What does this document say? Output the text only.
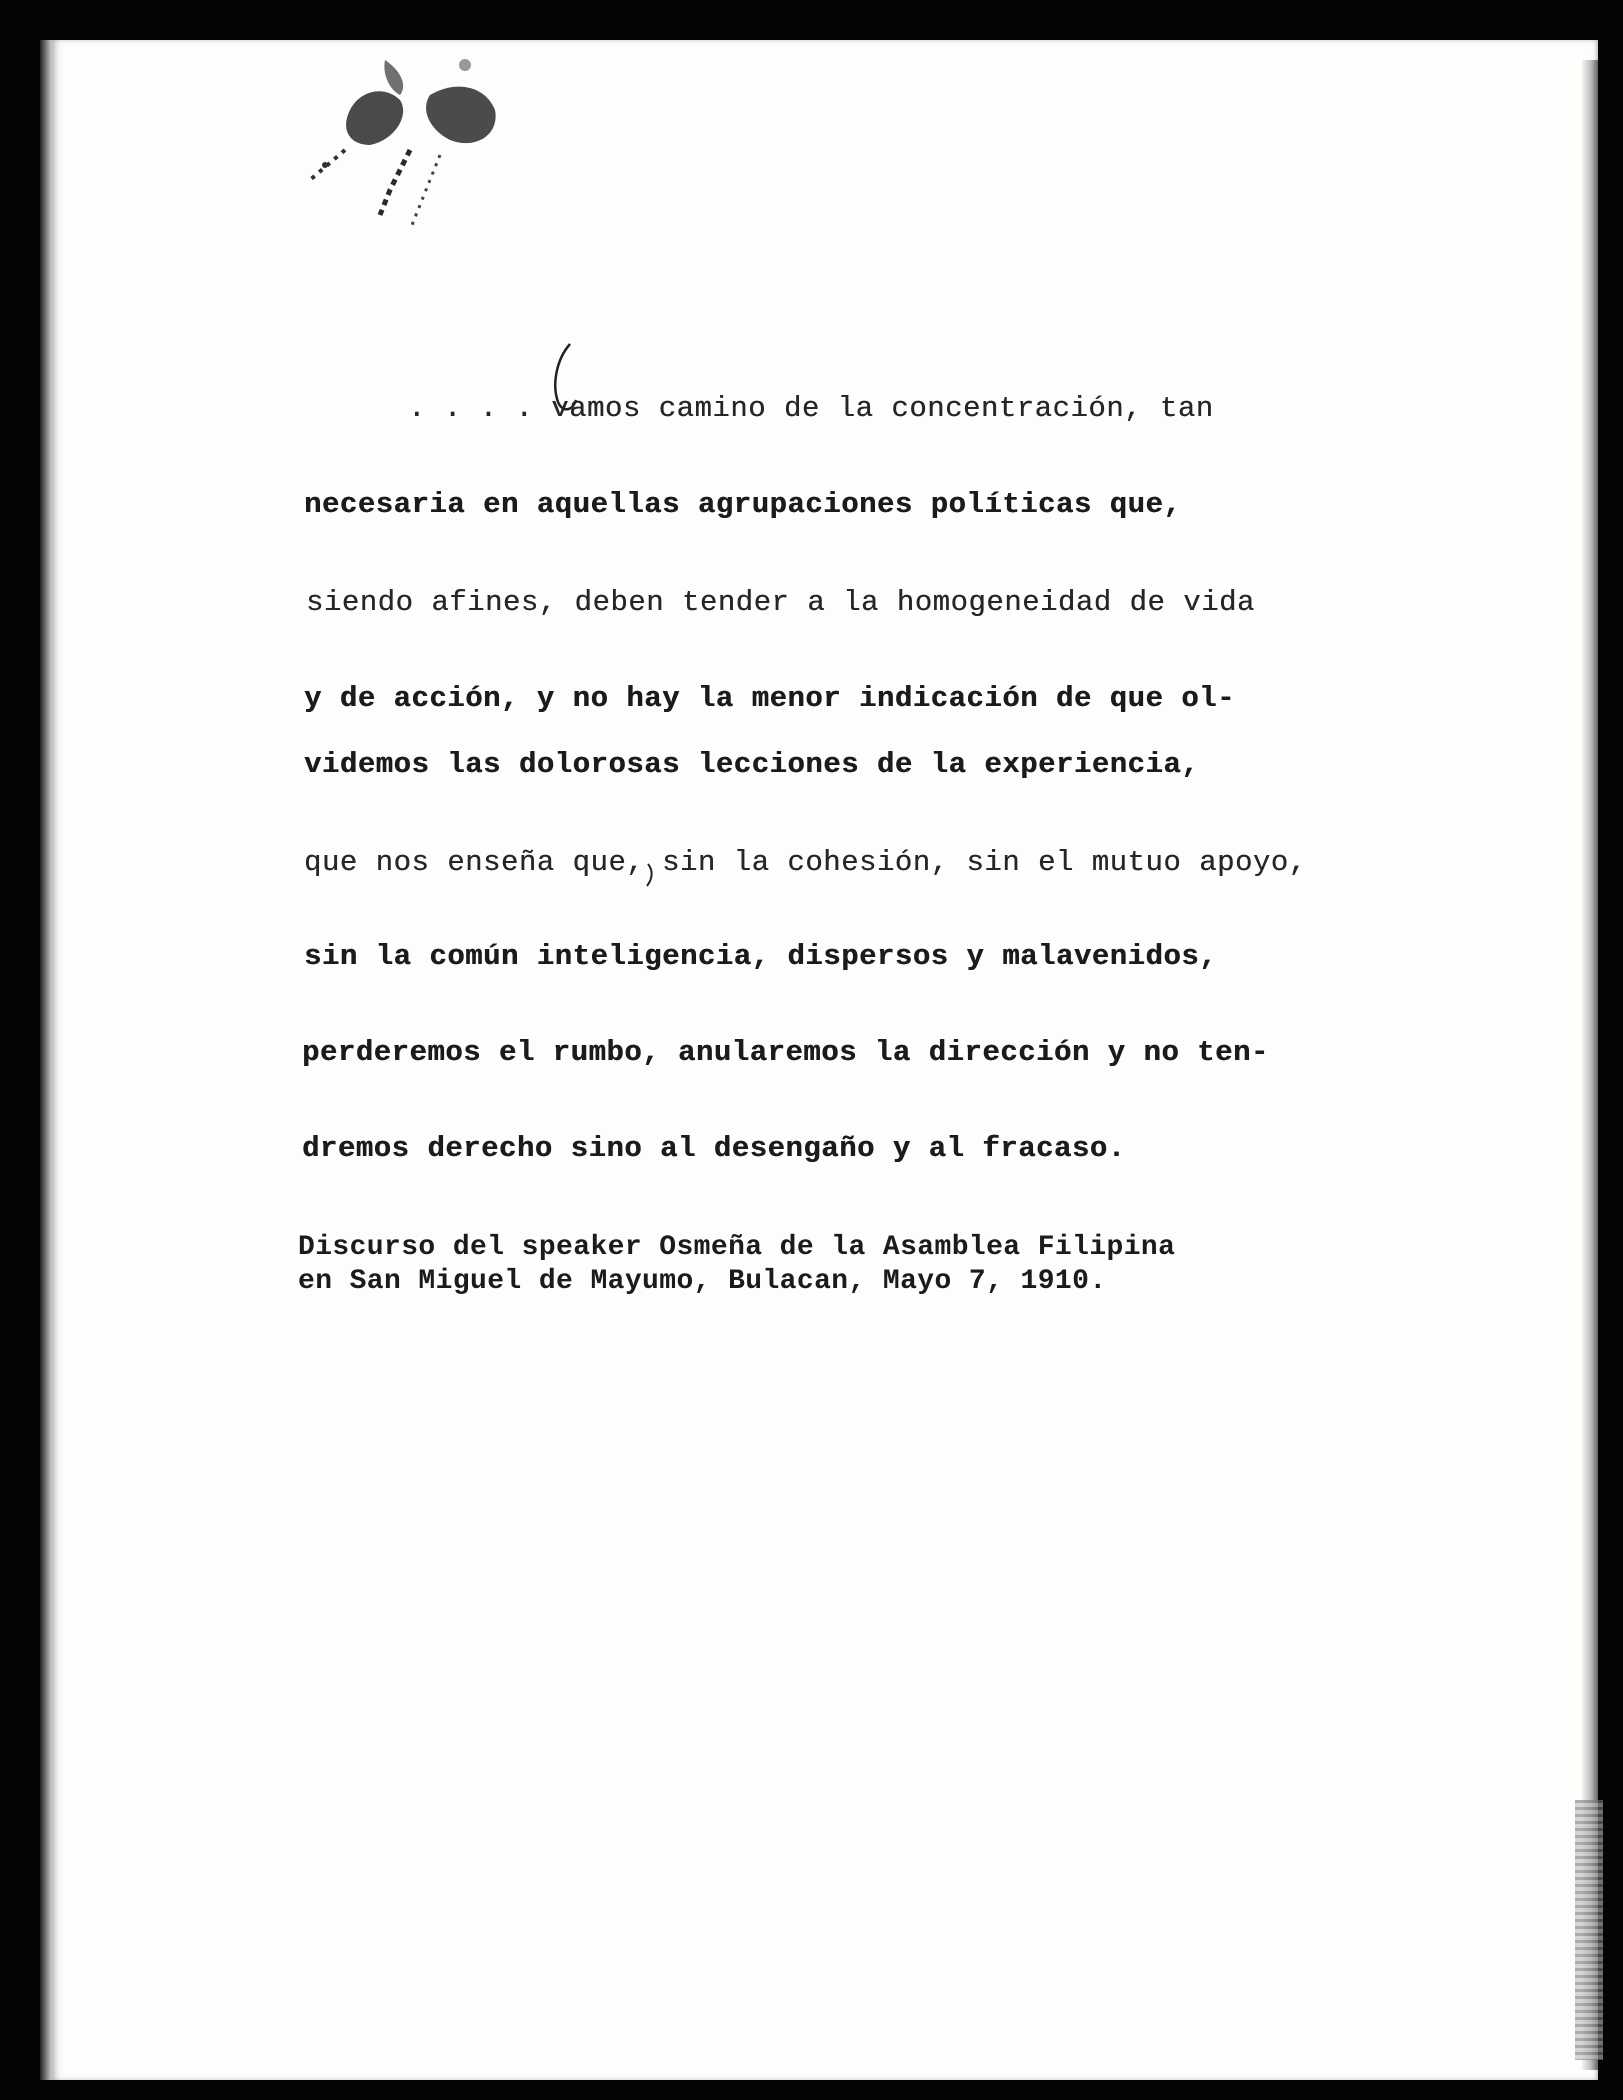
. . . . vamos camino de la concentración, tan
necesaria en aquellas agrupaciones políticas que,
siendo afines, deben tender a la homogeneidad de vida
y de acción, y no hay la menor indicación de que ol-
videmos las dolorosas lecciones de la experiencia,
que nos enseña que, sin la cohesión, sin el mutuo apoyo,
sin la común inteligencia, dispersos y malavenidos,
perderemos el rumbo, anularemos la dirección y no ten-
dremos derecho sino al desengaño y al fracaso.
Discurso del speaker Osmeña de la Asamblea Filipina
en San Miguel de Mayumo, Bulacan, Mayo 7, 1910.
